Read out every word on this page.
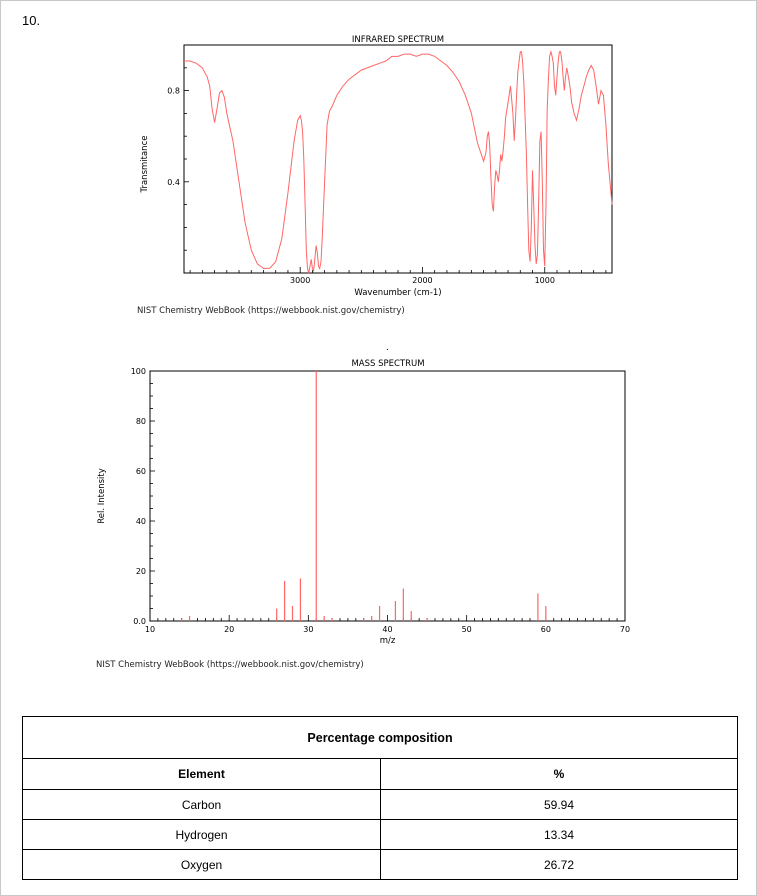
10.
INFRARED SPECTRUM
3000	2000	1000
0.8
0.4
Wavenumber (cm-1)
Transmitance
NIST Chemistry WebBook (https://webbook.nist.gov/chemistry)
.
MASS SPECTRUM
10	20	30	40	50	60	70
0.0
20
40
60
80
100
m/z
Rel. Intensity
NIST Chemistry WebBook (https://webbook.nist.gov/chemistry)
Percentage composition	
Element	%
Carbon	59.94
Hydrogen	13.34
Oxygen	26.72
